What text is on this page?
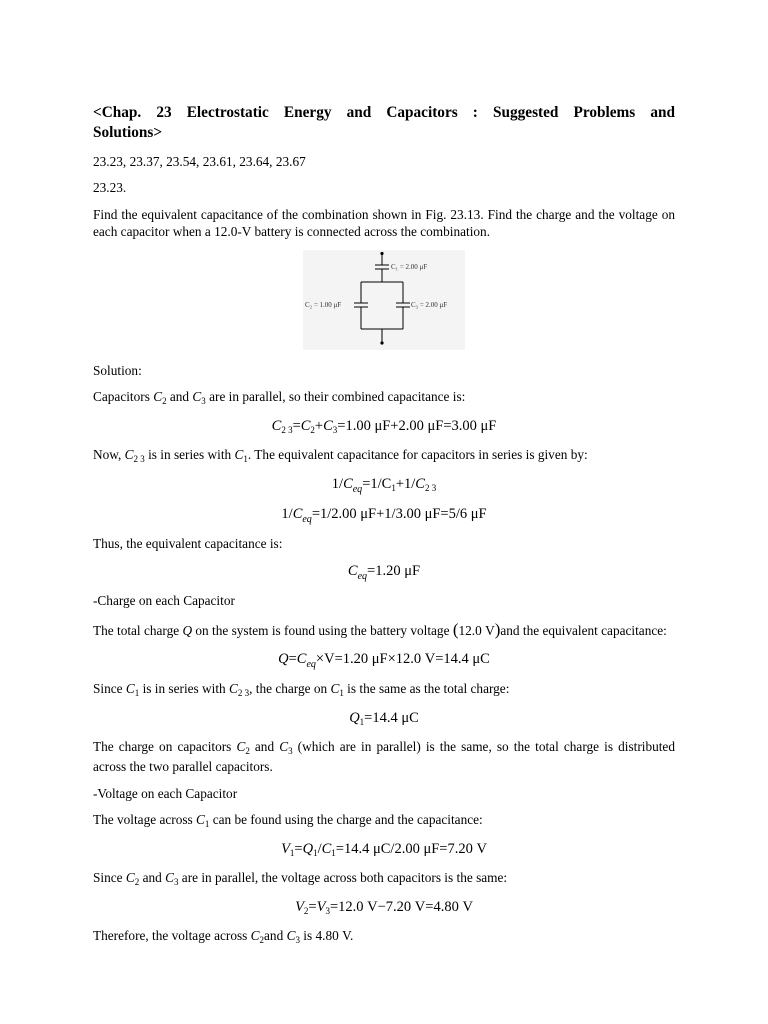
<Chap. 23 Electrostatic Energy and Capacitors : Suggested Problems and
Solutions>

23.23, 23.37, 23.54, 23.61, 23.64, 23.67

23.23.

Find the equivalent capacitance of the combination shown in Fig. 23.13. Find the charge and the voltage on each capacitor when a 12.0-V battery is connected across the combination.

C₁ = 2.00 μF
C₂ = 1.00 μF	C₃ = 2.00 μF

Solution:

Capacitors $C_2$ and $C_3$ are in parallel, so their combined capacitance is:

$C_{2 3}=C_2+C_3=1.00$ μF+2.00 μF=3.00 μF

Now, $C_{2 3}$ is in series with $C_1$. The equivalent capacitance for capacitors in series is given by:

$1/C_{eq}=1/C_1+1/C_{2 3}$
$1/C_{eq}=1/2.00$ μF+1/3.00 μF=5/6 μF

Thus, the equivalent capacitance is:

$C_{eq}=1.20$ μF

-Charge on each Capacitor

The total charge Q on the system is found using the battery voltage (12.0 V)and the equivalent capacitance:

$Q=C_{eq}\times V=1.20$ μF×12.0 V=14.4 μC

Since $C_1$ is in series with $C_{2 3}$, the charge on $C_1$ is the same as the total charge:

$Q_1=14.4$ μC

The charge on capacitors $C_2$ and $C_3$ (which are in parallel) is the same, so the total charge is distributed across the two parallel capacitors.

-Voltage on each Capacitor

The voltage across $C_1$ can be found using the charge and the capacitance:

$V_1=Q_1/C_1=14.4$ μC/2.00 μF=7.20 V

Since $C_2$ and $C_3$ are in parallel, the voltage across both capacitors is the same:

$V_2=V_3=12.0$ V−7.20 V=4.80 V

Therefore, the voltage across $C_2and$ $C_3$ is 4.80 V.
